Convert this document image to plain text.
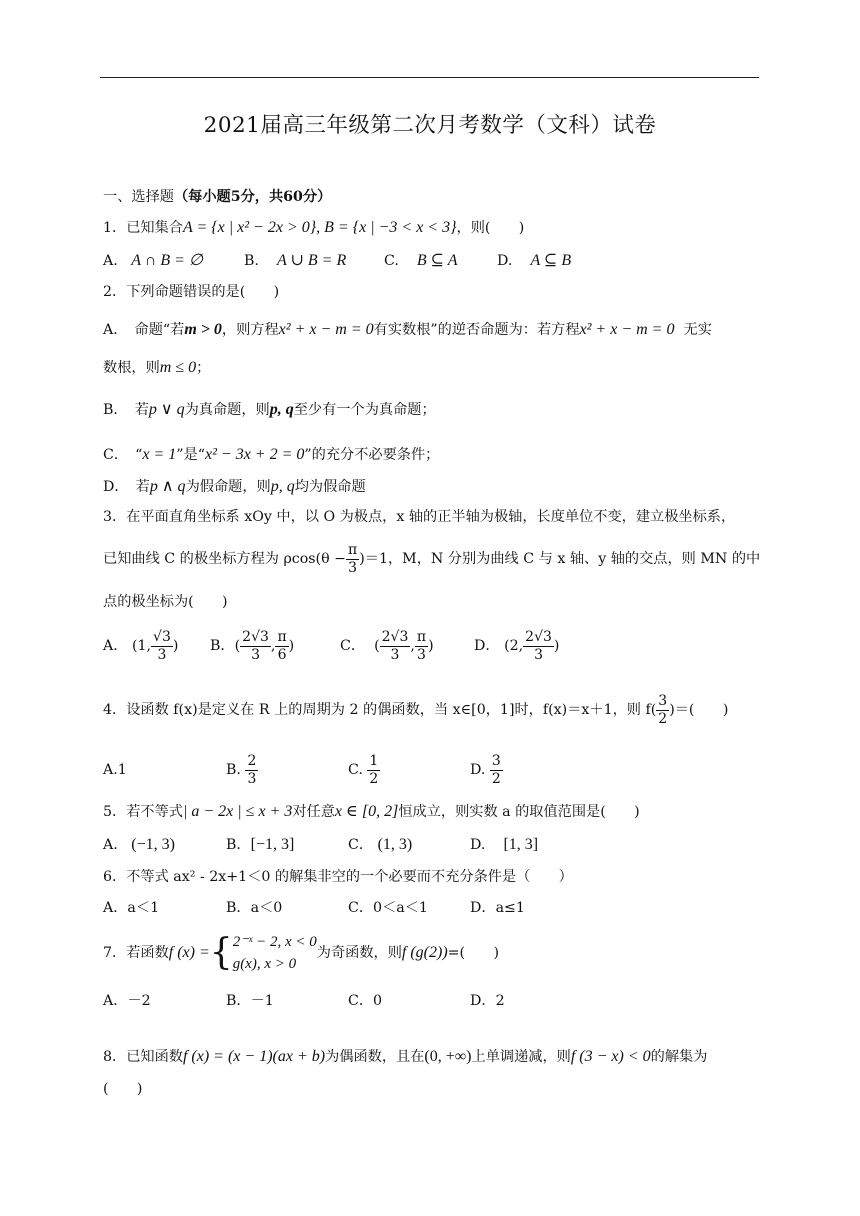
2021届高三年级第二次月考数学（文科）试卷
一、选择题（每小题5分，共60分）
1．已知集合A = {x | x² − 2x > 0}, B = {x | −3 < x < 3}，则(　　)
A. A ∩ B = ∅	B. A ∪ B = R	C. B ⊆ A	D. A ⊆ B
2．下列命题错误的是(　　)
A．　命题“若m > 0，则方程x² + x − m = 0有实数根”的逆否命题为：若方程x² + x − m = 0 无实
数根，则m ≤ 0；
B．　若p ∨ q为真命题，则p, q至少有一个为真命题；
C．　“x = 1”是“x² − 3x + 2 = 0”的充分不必要条件；
D．　若p ∧ q为假命题，则p, q均为假命题
3．在平面直角坐标系 xOy 中，以 O 为极点，x 轴的正半轴为极轴，长度单位不变，建立极坐标系，
已知曲线 C 的极坐标方程为 $\rho\cos(\theta - \frac{\pi}{3} )=1$，M，N 分别为曲线 C 与 x 轴、y 轴的交点，则 MN 的中
点的极坐标为(　　)
A． (1, $\frac{√3}{3}$ ) B．( $\frac{2√3}{3}$ , $\frac{\pi}{6}$ )	C． ( $\frac{2√3}{3}$ , $\frac{\pi}{3}$ )	D． (2, $\frac{2√3}{3}$ )
4．设函数 f(x)是定义在 R 上的周期为 2 的偶函数，当 x∈[0，1]时，f(x)＝x＋1，则 $f( \frac{3}{2}$ )＝(　　)
A.1	B. $\frac{2}{3}$	C. $\frac{1}{2}$	D. $\frac{3}{2}$
5．若不等式| a − 2x | ≤ x + 3对任意x ∈ [0, 2]恒成立，则实数 a 的取值范围是(　　)
A. (−1, 3)	B．[−1, 3]	C． (1, 3)	D. [1, 3]
6．不等式 ax² ‐ 2x+1＜0 的解集非空的一个必要而不充分条件是（　　）
A．a＜1	B．a＜0	C．0＜a＜1	D．a≤1
7．若函数f (x) ={ 2⁻ˣ − 2, x < 0
g(x), x > 0
为奇函数，则f (g(2))=(　　)
A．－2	B．－1	C．0	D．2
8．已知函数f (x) = (x − 1)(ax + b)为偶函数，且在(0, +∞)上单调递减，则f (3 − x) < 0的解集为
(　　)
